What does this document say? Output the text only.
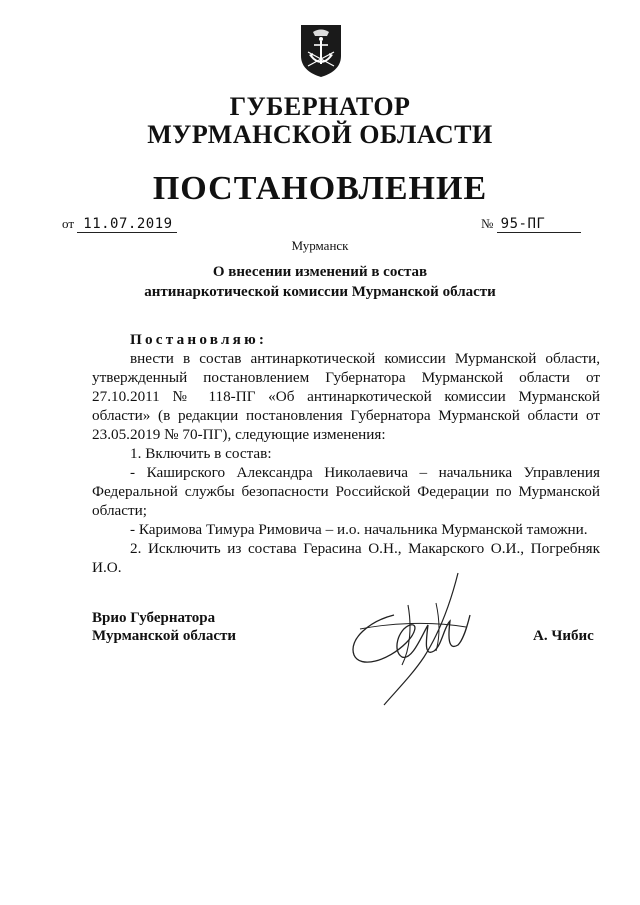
ГУБЕРНАТОР
МУРМАНСКОЙ ОБЛАСТИ
ПОСТАНОВЛЕНИЕ
от 11.07.2019	№ 95-ПГ
Мурманск
О внесении изменений в состав
антинаркотической комиссии Мурманской области

Постановляю:

внести в состав антинаркотической комиссии Мурманской области, утвержденный постановлением Губернатора Мурманской области от 27.10.2011 № 118-ПГ «Об антинаркотической комиссии Мурманской области» (в редакции постановления Губернатора Мурманской области от 23.05.2019 № 70-ПГ), следующие изменения:

1. Включить в состав:

- Каширского Александра Николаевича – начальника Управления Федеральной службы безопасности Российской Федерации по Мурманской области;

- Каримова Тимура Римовича – и.о. начальника Мурманской таможни.

2. Исключить из состава Герасина О.Н., Макарского О.И., Погребняк И.О.

Врио Губернатора
Мурманской области	А. Чибис
